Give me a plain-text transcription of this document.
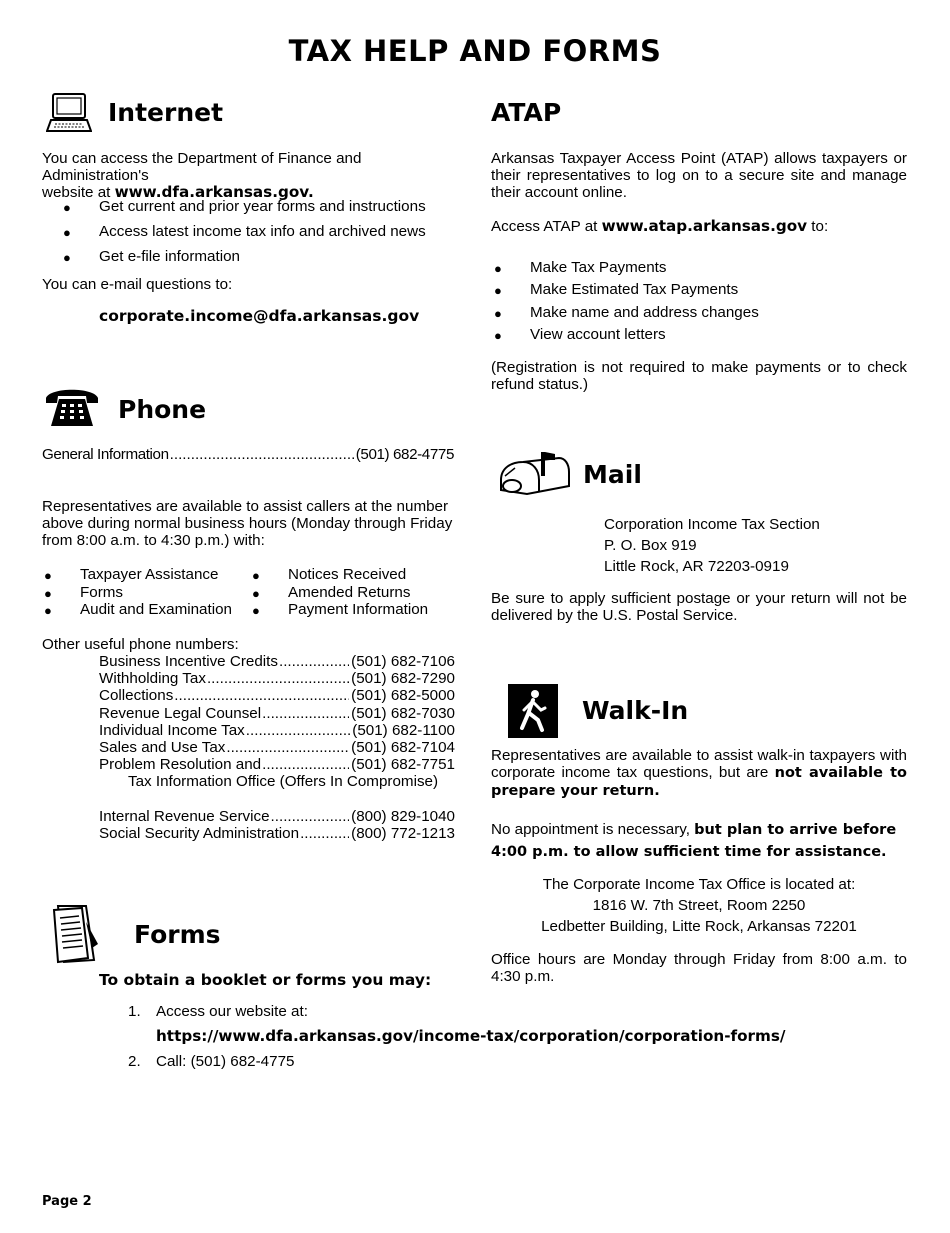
TAX HELP AND FORMS
Internet
You can access the Department of Finance and Administration's
website at www.dfa.arkansas.gov.
● Get current and prior year forms and instructions
● Access latest income tax info and archived news
● Get e-file information
You can e-mail questions to:
corporate.income@dfa.arkansas.gov
Phone
General Information .....	(501) 682-4775
Representatives are available to assist callers at the number above during normal business hours (Monday through Friday from 8:00 a.m. to 4:30 p.m.) with:
● Taxpayer Assistance
● Forms
● Audit and Examination
● Notices Received
● Amended Returns
● Payment Information
Other useful phone numbers:
Business Incentive Credits .....	(501) 682-7106
Withholding Tax .....	(501) 682-7290
Collections .....	(501) 682-5000
Revenue Legal Counsel .....	(501) 682-7030
Individual Income Tax .....	(501) 682-1100
Sales and Use Tax .....	(501) 682-7104
Problem Resolution and .....	(501) 682-7751
Tax Information Office (Offers In Compromise)
Internal Revenue Service .....	(800) 829-1040
Social Security Administration .....	(800) 772-1213
Forms
To obtain a booklet or forms you may:
1. Access our website at:
https://www.dfa.arkansas.gov/income-tax/corporation/corporation-forms/
2. Call: (501) 682-4775
ATAP
Arkansas Taxpayer Access Point (ATAP) allows taxpayers or their representatives to log on to a secure site and manage their account online.
Access ATAP at www.atap.arkansas.gov to:
● Make Tax Payments
● Make Estimated Tax Payments
● Make name and address changes
● View account letters
(Registration is not required to make payments or to check refund status.)
Mail
Corporation Income Tax Section
P. O. Box 919
Little Rock, AR 72203-0919
Be sure to apply sufficient postage or your return will not be delivered by the U.S. Postal Service.
Walk-In
Representatives are available to assist walk-in taxpayers with corporate income tax questions, but are not available to prepare your return.
No appointment is necessary, but plan to arrive before 4:00 p.m. to allow sufficient time for assistance.
The Corporate Income Tax Office is located at:
1816 W. 7th Street, Room 2250
Ledbetter Building, Litte Rock, Arkansas 72201
Office hours are Monday through Friday from 8:00 a.m. to 4:30 p.m.
Page 2
